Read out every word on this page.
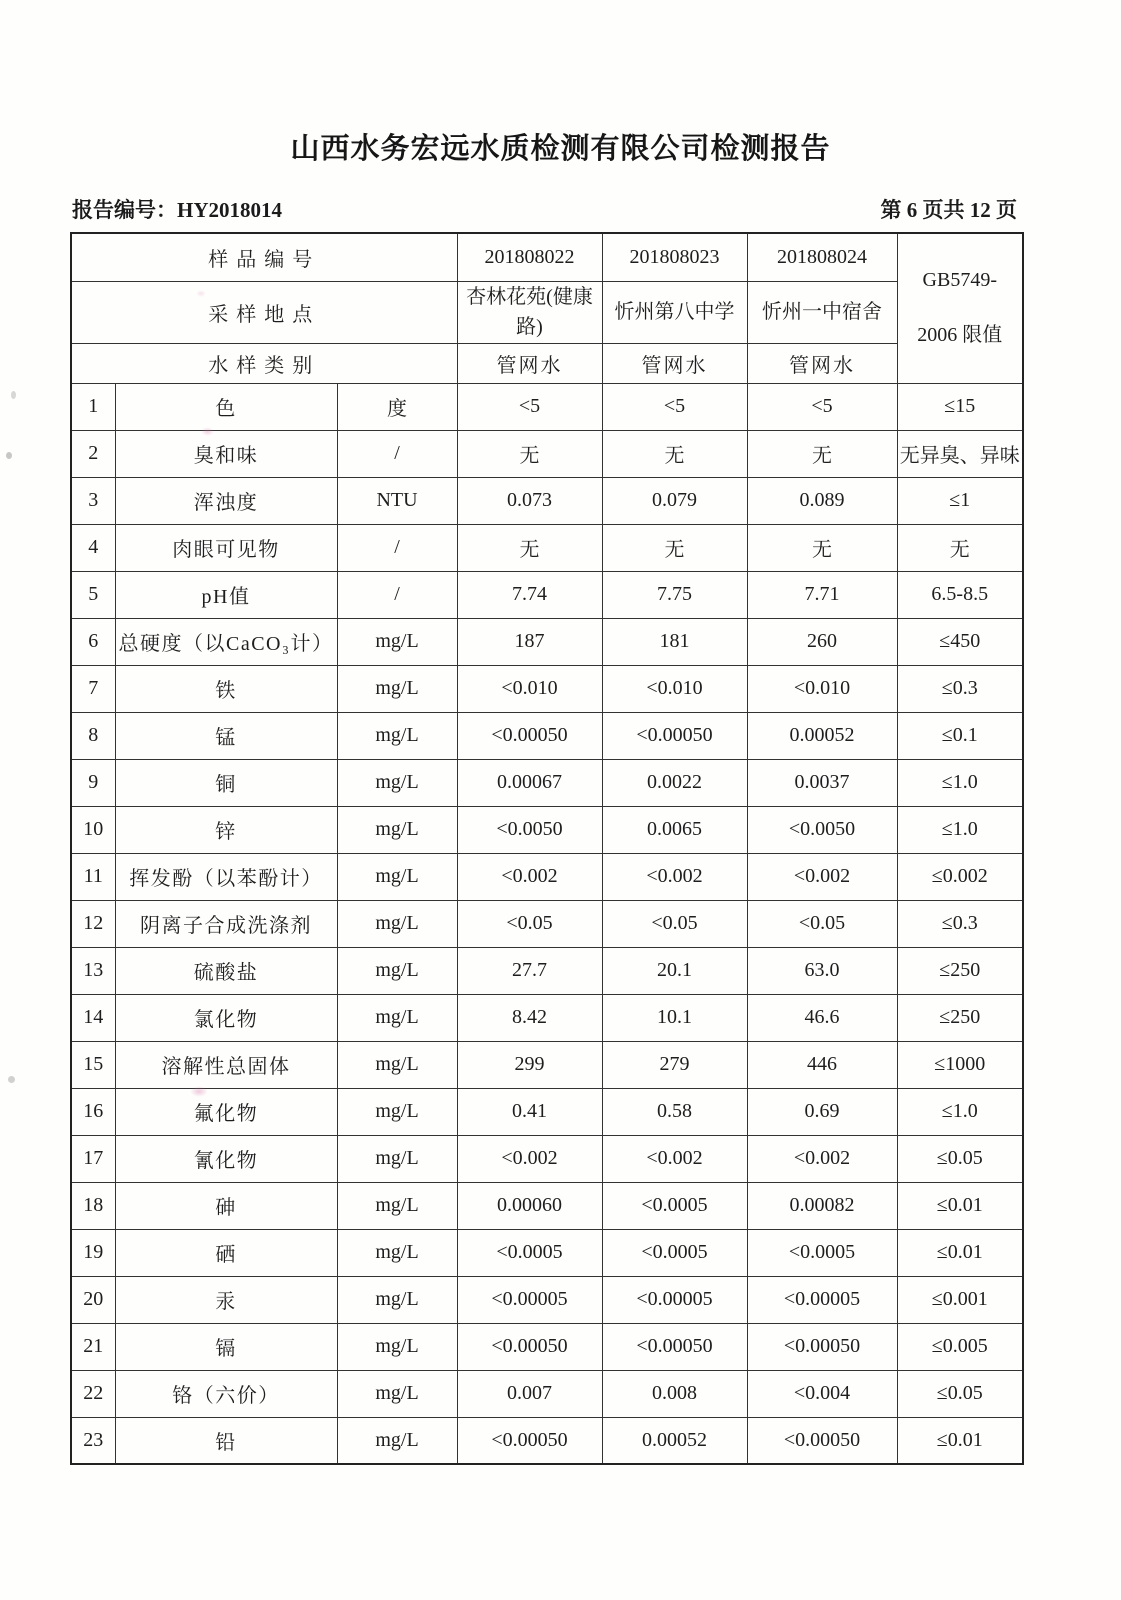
山西水务宏远水质检测有限公司检测报告
报告编号：HY2018014	第 6 页共 12 页
样品编号			201808022	201808023	201808024	GB5749-
2006 限值

采样地点			杏林花苑(健康路)	忻州第八中学	忻州一中宿舍	
水样类别			管网水	管网水	管网水	
1	色	度	<5	<5	<5	≤15
2	臭和味	/	无	无	无	无异臭、异味
3	浑浊度	NTU	0.073	0.079	0.089	≤1
4	肉眼可见物	/	无	无	无	无
5	pH值	/	7.74	7.75	7.71	6.5-8.5
6	总硬度（以CaCO₃计）	mg/L	187	181	260	≤450
7	铁	mg/L	<0.010	<0.010	<0.010	≤0.3
8	锰	mg/L	<0.00050	<0.00050	0.00052	≤0.1
9	铜	mg/L	0.00067	0.0022	0.0037	≤1.0
10	锌	mg/L	<0.0050	0.0065	<0.0050	≤1.0
11	挥发酚（以苯酚计）	mg/L	<0.002	<0.002	<0.002	≤0.002
12	阴离子合成洗涤剂	mg/L	<0.05	<0.05	<0.05	≤0.3
13	硫酸盐	mg/L	27.7	20.1	63.0	≤250
14	氯化物	mg/L	8.42	10.1	46.6	≤250
15	溶解性总固体	mg/L	299	279	446	≤1000
16	氟化物	mg/L	0.41	0.58	0.69	≤1.0
17	氰化物	mg/L	<0.002	<0.002	<0.002	≤0.05
18	砷	mg/L	0.00060	<0.0005	0.00082	≤0.01
19	硒	mg/L	<0.0005	<0.0005	<0.0005	≤0.01
20	汞	mg/L	<0.00005	<0.00005	<0.00005	≤0.001
21	镉	mg/L	<0.00050	<0.00050	<0.00050	≤0.005
22	铬（六价）	mg/L	0.007	0.008	<0.004	≤0.05
23	铅	mg/L	<0.00050	0.00052	<0.00050	≤0.01
